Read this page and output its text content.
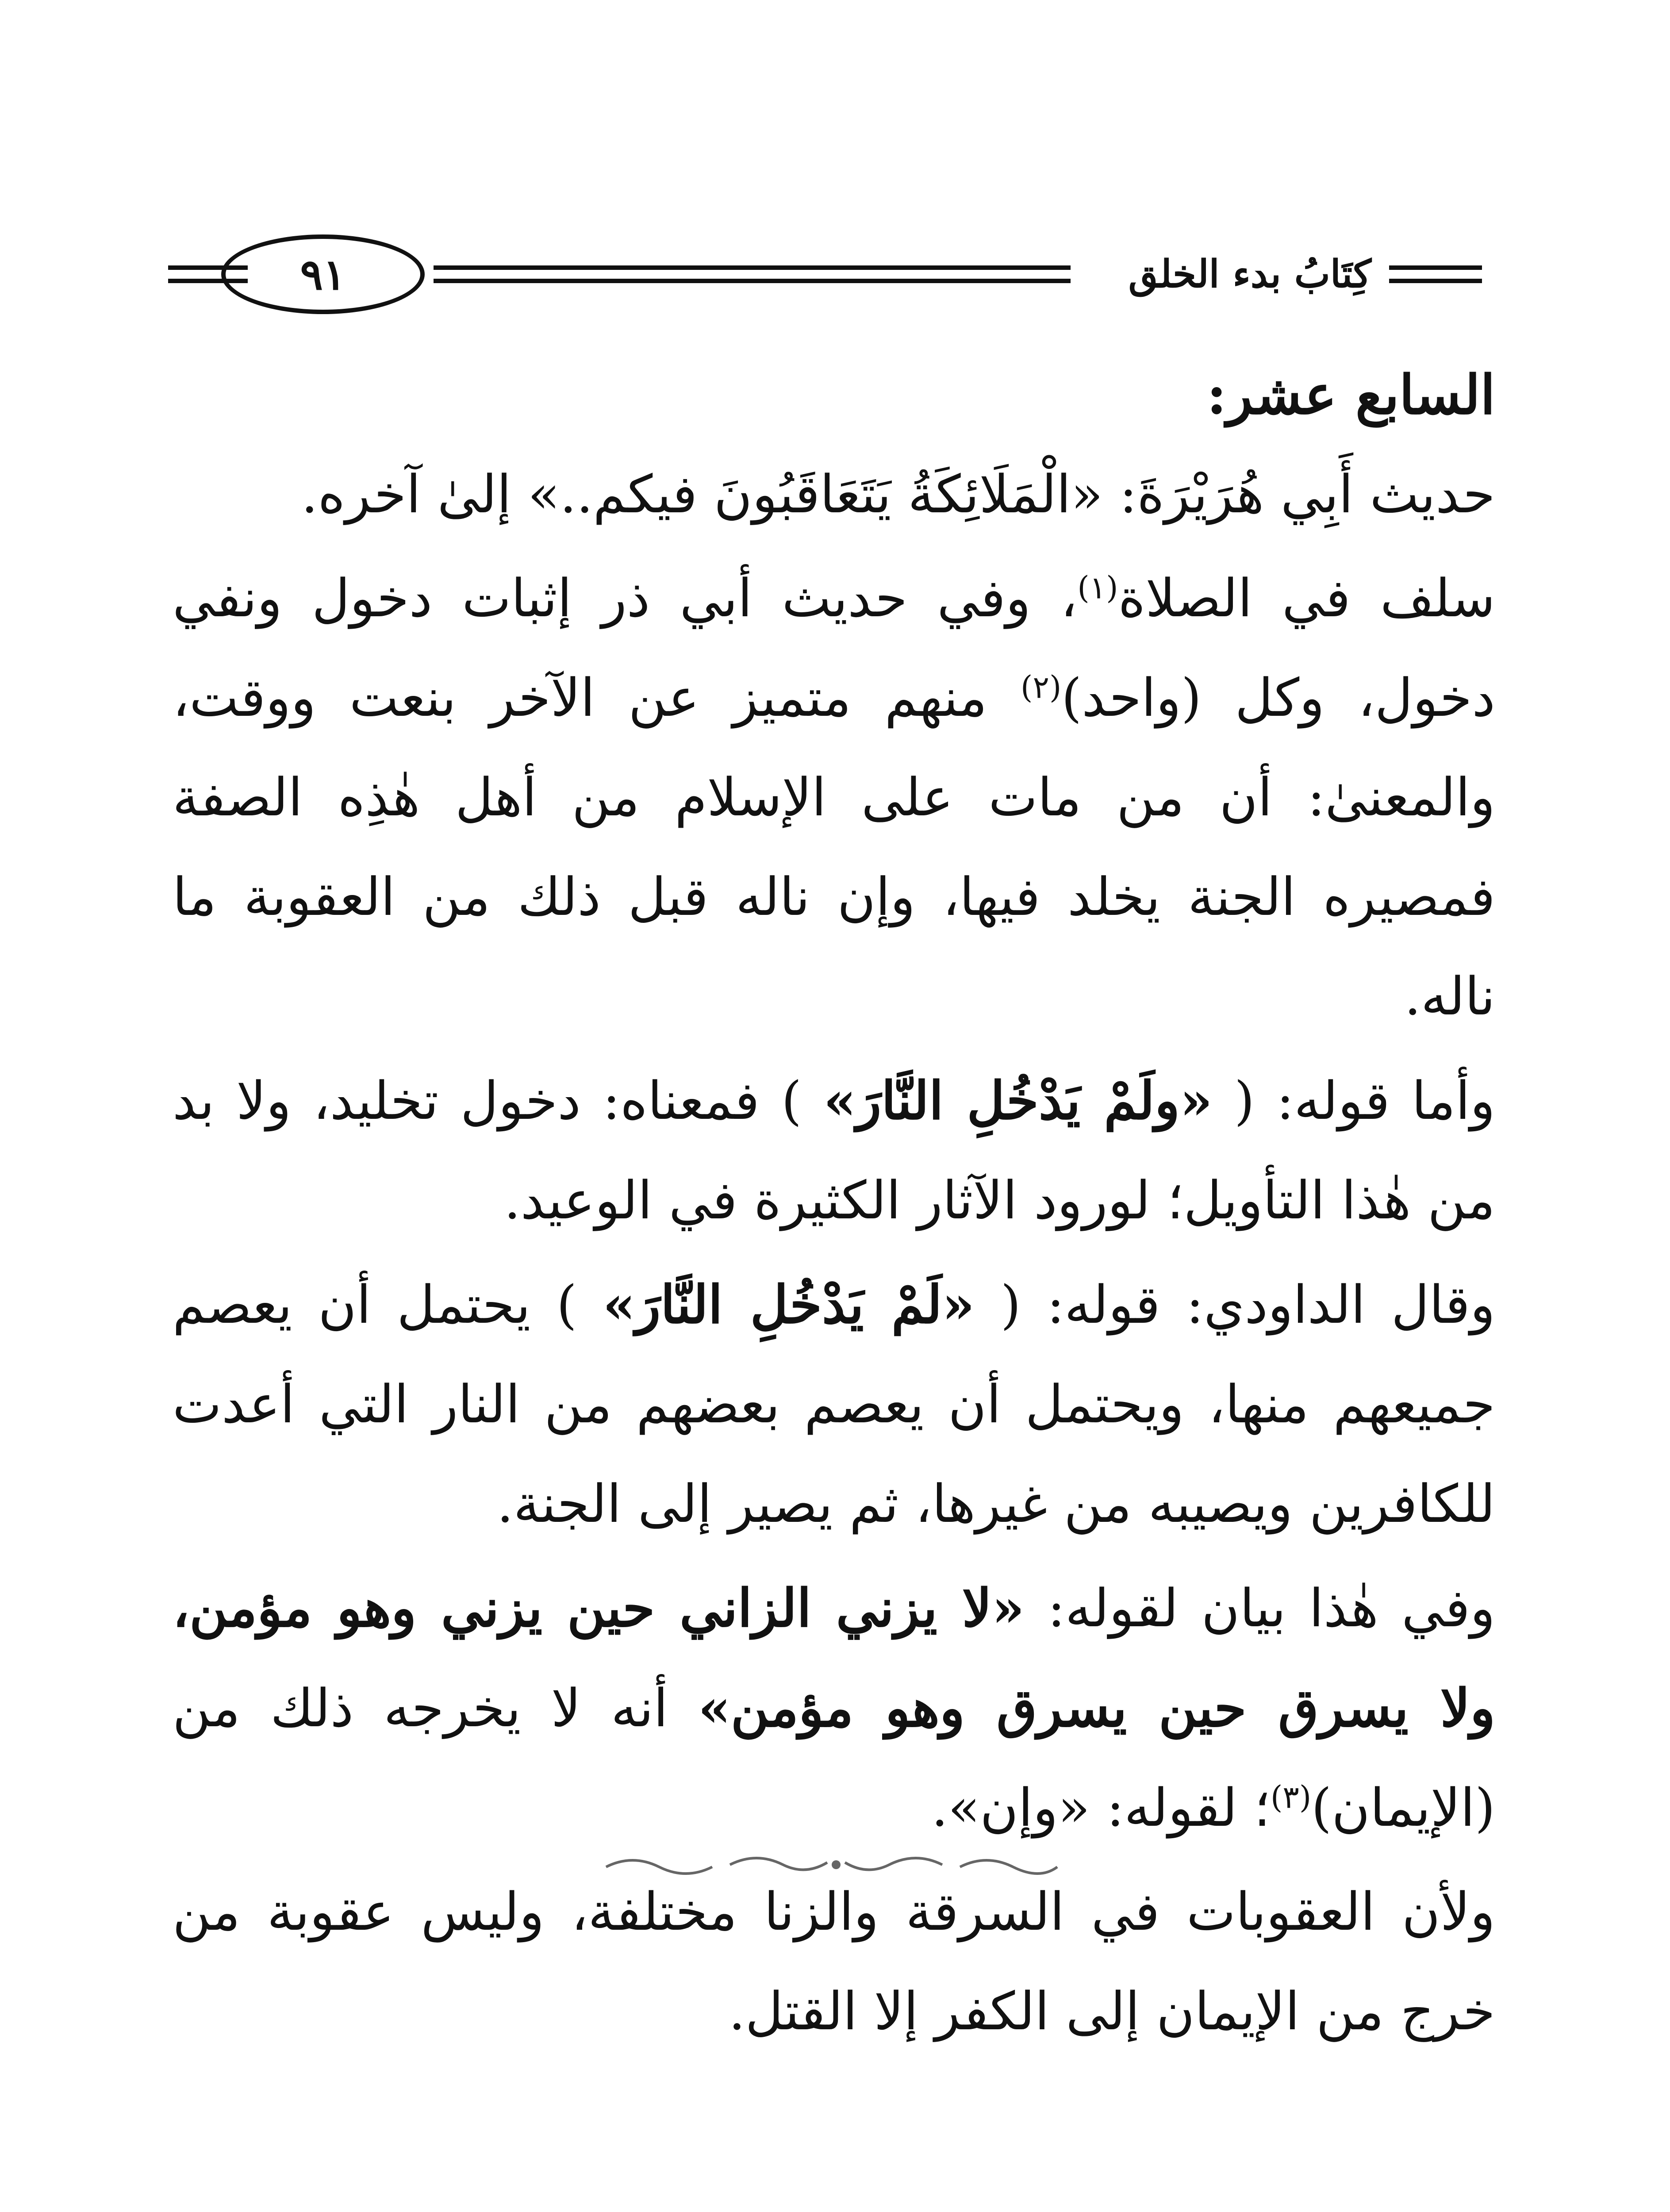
كِتَابُ بدء الخلق
٩١

السابع عشر:

حديث أَبِي هُرَيْرَةَ: «الْمَلَائِكَةُ يَتَعَاقَبُونَ فيكم..» إلىٰ آخره.

سلف في الصلاة$^{(١)}$، وفي حديث أبي ذر إثبات دخول ونفي دخول، وكل (واحد)$^{(٢)}$ منهم متميز عن الآخر بنعت ووقت، والمعنىٰ: أن من مات على الإسلام من أهل هٰذِه الصفة فمصيره الجنة يخلد فيها، وإن ناله قبل ذلك من العقوبة ما ناله.

وأما قوله: ( «ولَمْ يَدْخُلِ النَّارَ» ) فمعناه: دخول تخليد، ولا بد من هٰذا التأويل؛ لورود الآثار الكثيرة في الوعيد.

وقال الداودي: قوله: ( «لَمْ يَدْخُلِ النَّارَ» ) يحتمل أن يعصم جميعهم منها، ويحتمل أن يعصم بعضهم من النار التي أعدت للكافرين ويصيبه من غيرها، ثم يصير إلى الجنة.

وفي هٰذا بيان لقوله: «لا يزني الزاني حين يزني وهو مؤمن، ولا يسرق حين يسرق وهو مؤمن» أنه لا يخرجه ذلك من (الإيمان)$^{(٣)}$؛ لقوله: «وإن».

ولأن العقوبات في السرقة والزنا مختلفة، وليس عقوبة من خرج من الإيمان إلى الكفر إلا القتل.
